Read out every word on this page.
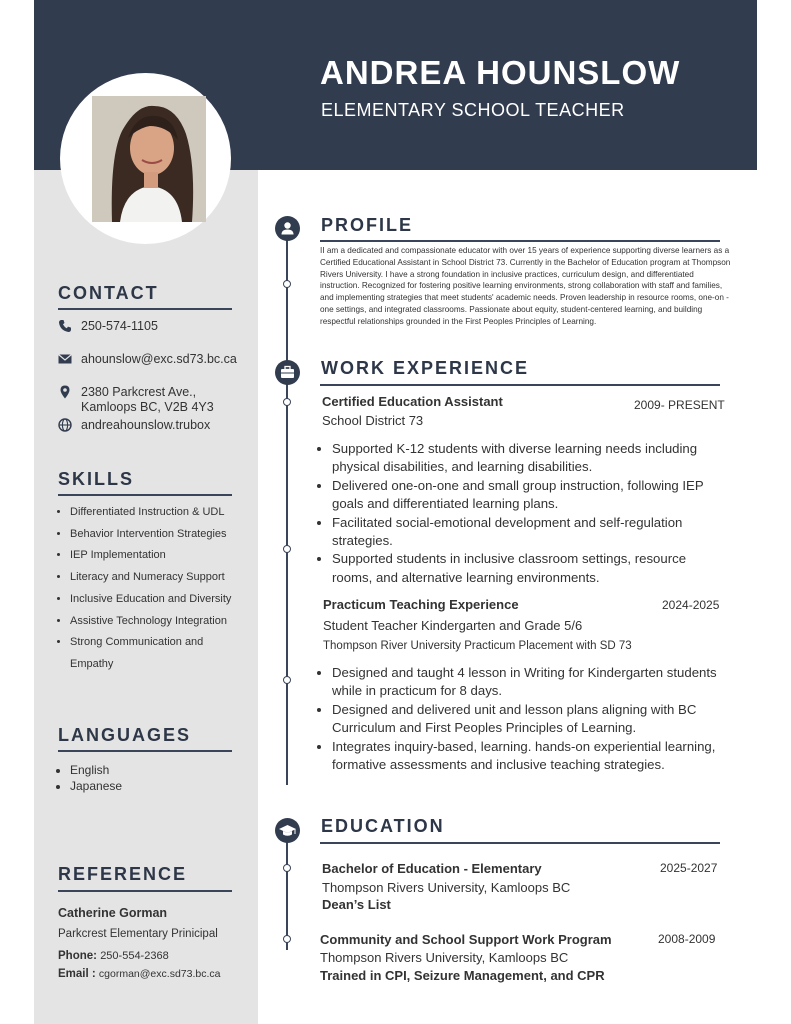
ANDREA HOUNSLOW
ELEMENTARY SCHOOL TEACHER
CONTACT
250-574-1105
ahounslow@exc.sd73.bc.ca
2380 Parkcrest Ave.,
Kamloops BC, V2B 4Y3
andreahounslow.trubox
SKILLS
• Differentiated Instruction & UDL
• Behavior Intervention Strategies
• IEP Implementation
• Literacy and Numeracy Support
• Inclusive Education and Diversity
• Assistive Technology Integration
• Strong Communication and
Empathy
LANGUAGES
• English
• Japanese
REFERENCE
Catherine Gorman
Parkcrest Elementary Prinicipal
Phone: 250-554-2368
Email : cgorman@exc.sd73.bc.ca
PROFILE
II am a dedicated and compassionate educator with over 15 years of experience supporting diverse learners as a Certified Educational Assistant in School District 73. Currently in the Bachelor of Education program at Thompson Rivers University. I have a strong foundation in inclusive practices, curriculum design, and differentiated instruction. Recognized for fostering positive learning environments, strong collaboration with staff and families, and implementing strategies that meet students' academic needs. Proven leadership in resource rooms, one-on -one settings, and integrated classrooms. Passionate about equity, student-centered learning, and building respectful relationships grounded in the First Peoples Principles of Learning.
WORK EXPERIENCE
Certified Education Assistant	2009- PRESENT
School District 73
• Supported K-12 students with diverse learning needs including physical disabilities, and learning disabilities.
• Delivered one-on-one and small group instruction, following IEP goals and differentiated learning plans.
• Facilitated social-emotional development and self-regulation strategies.
• Supported students in inclusive classroom settings, resource rooms, and alternative learning environments.
Practicum Teaching Experience	2024-2025
Student Teacher Kindergarten and Grade 5/6
Thompson River University Practicum Placement with SD 73
• Designed and taught 4 lesson in Writing for Kindergarten students while in practicum for 8 days.
• Designed and delivered unit and lesson plans aligning with BC Curriculum and First Peoples Principles of Learning.
• Integrates inquiry-based, learning. hands-on experiential learning, formative assessments and inclusive teaching strategies.
EDUCATION
Bachelor of Education - Elementary	2025-2027
Thompson Rivers University, Kamloops BC
Dean’s List
Community and School Support Work Program	2008-2009
Thompson Rivers University, Kamloops BC
Trained in CPI, Seizure Management, and CPR
